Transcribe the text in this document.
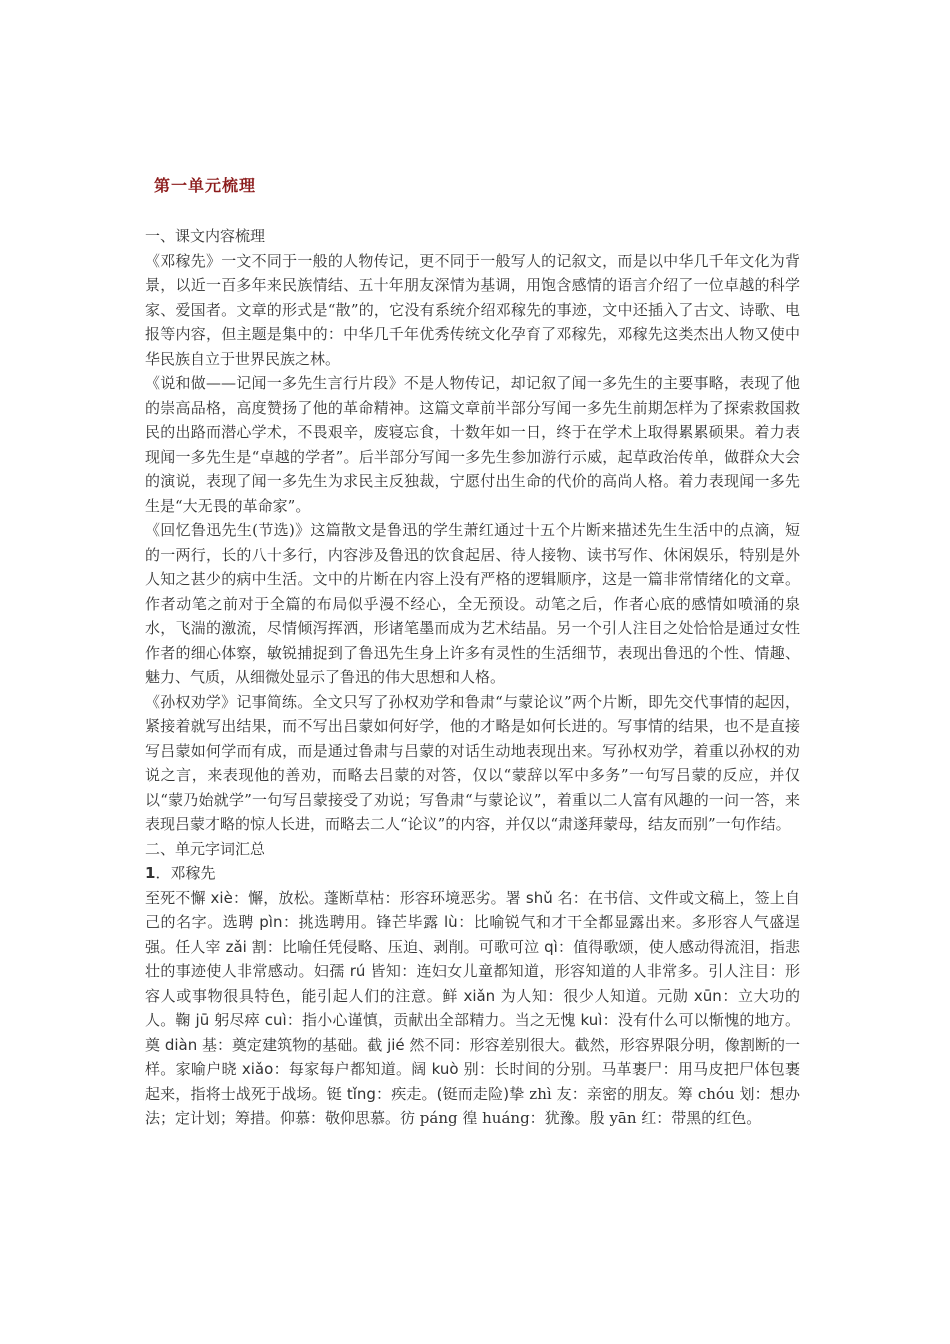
第一单元梳理

一、课文内容梳理

《邓稼先》一文不同于一般的人物传记，更不同于一般写人的记叙文，而是以中华几千年文化为背景，以近一百多年来民族情结、五十年朋友深情为基调，用饱含感情的语言介绍了一位卓越的科学家、爱国者。文章的形式是“散”的，它没有系统介绍邓稼先的事迹，文中还插入了古文、诗歌、电报等内容，但主题是集中的：中华几千年优秀传统文化孕育了邓稼先，邓稼先这类杰出人物又使中华民族自立于世界民族之林。

《说和做——记闻一多先生言行片段》不是人物传记，却记叙了闻一多先生的主要事略，表现了他的崇高品格，高度赞扬了他的革命精神。这篇文章前半部分写闻一多先生前期怎样为了探索救国救民的出路而潜心学术，不畏艰辛，废寝忘食，十数年如一日，终于在学术上取得累累硕果。着力表现闻一多先生是“卓越的学者”。后半部分写闻一多先生参加游行示威，起草政治传单，做群众大会的演说，表现了闻一多先生为求民主反独裁，宁愿付出生命的代价的高尚人格。着力表现闻一多先生是“大无畏的革命家”。

《回忆鲁迅先生(节选)》这篇散文是鲁迅的学生萧红通过十五个片断来描述先生生活中的点滴，短的一两行，长的八十多行，内容涉及鲁迅的饮食起居、待人接物、读书写作、休闲娱乐，特别是外人知之甚少的病中生活。文中的片断在内容上没有严格的逻辑顺序，这是一篇非常情绪化的文章。作者动笔之前对于全篇的布局似乎漫不经心，全无预设。动笔之后，作者心底的感情如喷涌的泉水，飞湍的激流，尽情倾泻挥洒，形诸笔墨而成为艺术结晶。另一个引人注目之处恰恰是通过女性作者的细心体察，敏锐捕捉到了鲁迅先生身上许多有灵性的生活细节，表现出鲁迅的个性、情趣、魅力、气质，从细微处显示了鲁迅的伟大思想和人格。

《孙权劝学》记事简练。全文只写了孙权劝学和鲁肃“与蒙论议”两个片断，即先交代事情的起因，紧接着就写出结果，而不写出吕蒙如何好学，他的才略是如何长进的。写事情的结果，也不是直接写吕蒙如何学而有成，而是通过鲁肃与吕蒙的对话生动地表现出来。写孙权劝学，着重以孙权的劝说之言，来表现他的善劝，而略去吕蒙的对答，仅以“蒙辞以军中多务”一句写吕蒙的反应，并仅以“蒙乃始就学”一句写吕蒙接受了劝说；写鲁肃“与蒙论议”，着重以二人富有风趣的一问一答，来表现吕蒙才略的惊人长进，而略去二人“论议”的内容，并仅以“肃遂拜蒙母，结友而别”一句作结。

二、单元字词汇总

1．邓稼先

至死不懈 xiè：懈，放松。蓬断草枯：形容环境恶劣。署 shǔ 名：在书信、文件或文稿上，签上自己的名字。选聘 pìn：挑选聘用。锋芒毕露 lù：比喻锐气和才干全都显露出来。多形容人气盛逞强。任人宰 zǎi 割：比喻任凭侵略、压迫、剥削。可歌可泣 qì：值得歌颂，使人感动得流泪，指悲壮的事迹使人非常感动。妇孺 rú 皆知：连妇女儿童都知道，形容知道的人非常多。引人注目：形容人或事物很具特色，能引起人们的注意。鲜 xiǎn 为人知：很少人知道。元勋 xūn：立大功的人。鞠 jū 躬尽瘁 cuì：指小心谨慎，贡献出全部精力。当之无愧 kuì：没有什么可以惭愧的地方。奠 diàn 基：奠定建筑物的基础。截 jié 然不同：形容差别很大。截然，形容界限分明，像割断的一样。家喻户晓 xiǎo：每家每户都知道。阔 kuò 别：长时间的分别。马革裹尸：用马皮把尸体包裹起来，指将士战死于战场。铤 tǐng：疾走。(铤而走险)挚 zhì 友：亲密的朋友。筹 chóu 划：想办法；定计划；筹措。仰慕：敬仰思慕。彷 páng 徨 huáng：犹豫。殷 yān 红：带黑的红色。
